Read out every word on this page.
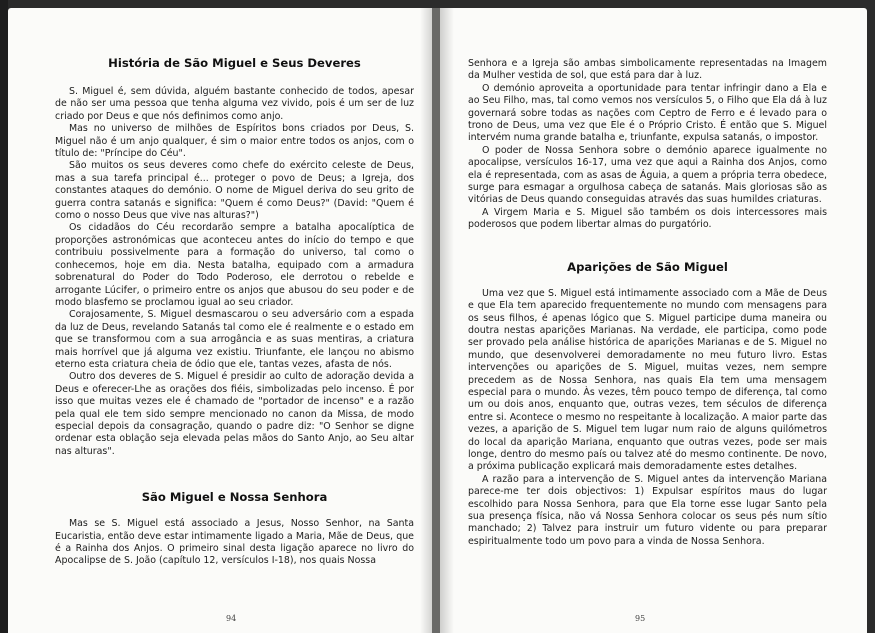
História de São Miguel e Seus Deveres

S. Miguel é, sem dúvida, alguém bastante conhecido de todos, apesar de não ser uma pessoa que tenha alguma vez vivido, pois é um ser de luz criado por Deus e que nós definimos como anjo.

Mas no universo de milhões de Espíritos bons criados por Deus, S. Miguel não é um anjo qualquer, é sim o maior entre todos os anjos, com o título de: "Príncipe do Céu".

São muitos os seus deveres como chefe do exército celeste de Deus, mas a sua tarefa principal é... proteger o povo de Deus; a Igreja, dos constantes ataques do demónio. O nome de Miguel deriva do seu grito de guerra contra satanás e significa: "Quem é como Deus?" (David: "Quem é como o nosso Deus que vive nas alturas?")

Os cidadãos do Céu recordarão sempre a batalha apocalíptica de proporções astronómicas que aconteceu antes do início do tempo e que contribuiu possivelmente para a formação do universo, tal como o conhecemos, hoje em dia. Nesta batalha, equipado com a armadura sobrenatural do Poder do Todo Poderoso, ele derrotou o rebelde e arrogante Lúcifer, o primeiro entre os anjos que abusou do seu poder e de modo blasfemo se proclamou igual ao seu criador.

Corajosamente, S. Miguel desmascarou o seu adversário com a espada da luz de Deus, revelando Satanás tal como ele é realmente e o estado em que se transformou com a sua arrogância e as suas mentiras, a criatura mais horrível que já alguma vez existiu. Triunfante, ele lançou no abismo eterno esta criatura cheia de ódio que ele, tantas vezes, afasta de nós.

Outro dos deveres de S. Miguel é presidir ao culto de adoração devida a Deus e oferecer-Lhe as orações dos fiéis, simbolizadas pelo incenso. É por isso que muitas vezes ele é chamado de "portador de incenso" e a razão pela qual ele tem sido sempre mencionado no canon da Missa, de modo especial depois da consagração, quando o padre diz: "O Senhor se digne ordenar esta oblação seja elevada pelas mãos do Santo Anjo, ao Seu altar nas alturas".

São Miguel e Nossa Senhora

Mas se S. Miguel está associado a Jesus, Nosso Senhor, na Santa Eucaristia, então deve estar intimamente ligado a Maria, Mãe de Deus, que é a Rainha dos Anjos. O primeiro sinal desta ligação aparece no livro do Apocalipse de S. João (capítulo 12, versículos I-18), nos quais Nossa

94

Senhora e a Igreja são ambas simbolicamente representadas na Imagem da Mulher vestida de sol, que está para dar à luz.

O demónio aproveita a oportunidade para tentar infringir dano a Ela e ao Seu Filho, mas, tal como vemos nos versículos 5, o Filho que Ela dá à luz governará sobre todas as nações com Ceptro de Ferro e é levado para o trono de Deus, uma vez que Ele é o Próprio Cristo. É então que S. Miguel intervém numa grande batalha e, triunfante, expulsa satanás, o impostor.

O poder de Nossa Senhora sobre o demónio aparece igualmente no apocalipse, versículos 16-17, uma vez que aqui a Rainha dos Anjos, como ela é representada, com as asas de Águia, a quem a própria terra obedece, surge para esmagar a orgulhosa cabeça de satanás. Mais gloriosas são as vitórias de Deus quando conseguidas através das suas humildes criaturas.

A Virgem Maria e S. Miguel são também os dois intercessores mais poderosos que podem libertar almas do purgatório.

Aparições de São Miguel

Uma vez que S. Miguel está intimamente associado com a Mãe de Deus e que Ela tem aparecido frequentemente no mundo com mensagens para os seus filhos, é apenas lógico que S. Miguel participe duma maneira ou doutra nestas aparições Marianas. Na verdade, ele participa, como pode ser provado pela análise histórica de aparições Marianas e de S. Miguel no mundo, que desenvolverei demoradamente no meu futuro livro. Estas intervenções ou aparições de S. Miguel, muitas vezes, nem sempre precedem as de Nossa Senhora, nas quais Ela tem uma mensagem especial para o mundo. Às vezes, têm pouco tempo de diferença, tal como um ou dois anos, enquanto que, outras vezes, tem séculos de diferença entre si. Acontece o mesmo no respeitante à localização. A maior parte das vezes, a aparição de S. Miguel tem lugar num raio de alguns quilómetros do local da aparição Mariana, enquanto que outras vezes, pode ser mais longe, dentro do mesmo país ou talvez até do mesmo continente. De novo, a próxima publicação explicará mais demoradamente estes detalhes.

A razão para a intervenção de S. Miguel antes da intervenção Mariana parece-me ter dois objectivos: 1) Expulsar espíritos maus do lugar escolhido para Nossa Senhora, para que Ela torne esse lugar Santo pela sua presença física, não vá Nossa Senhora colocar os seus pés num sítio manchado; 2) Talvez para instruir um futuro vidente ou para preparar espiritualmente todo um povo para a vinda de Nossa Senhora.

95
